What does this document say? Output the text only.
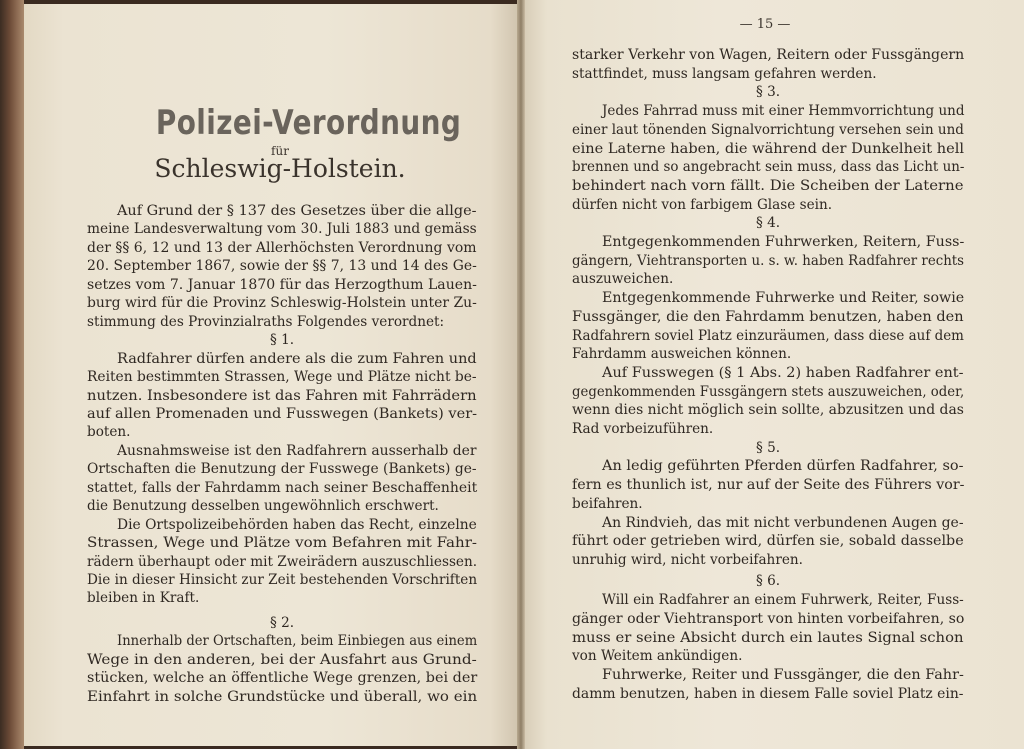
Polizei-Verordnung
für
Schleswig-Holstein.
Auf Grund der § 137 des Gesetzes über die allge-
meine Landesverwaltung vom 30. Juli 1883 und gemäss
der §§ 6, 12 und 13 der Allerhöchsten Verordnung vom
20. September 1867, sowie der §§ 7, 13 und 14 des Ge-
setzes vom 7. Januar 1870 für das Herzogthum Lauen-
burg wird für die Provinz Schleswig-Holstein unter Zu-
stimmung des Provinzialraths Folgendes verordnet:
§ 1.
Radfahrer dürfen andere als die zum Fahren und
Reiten bestimmten Strassen, Wege und Plätze nicht be-
nutzen. Insbesondere ist das Fahren mit Fahrrädern
auf allen Promenaden und Fusswegen (Bankets) ver-
boten.
Ausnahmsweise ist den Radfahrern ausserhalb der
Ortschaften die Benutzung der Fusswege (Bankets) ge-
stattet, falls der Fahrdamm nach seiner Beschaffenheit
die Benutzung desselben ungewöhnlich erschwert.
Die Ortspolizeibehörden haben das Recht, einzelne
Strassen, Wege und Plätze vom Befahren mit Fahr-
rädern überhaupt oder mit Zweirädern auszuschliessen.
Die in dieser Hinsicht zur Zeit bestehenden Vorschriften
bleiben in Kraft.
§ 2.
Innerhalb der Ortschaften, beim Einbiegen aus einem
Wege in den anderen, bei der Ausfahrt aus Grund-
stücken, welche an öffentliche Wege grenzen, bei der
Einfahrt in solche Grundstücke und überall, wo ein
— 15 —
starker Verkehr von Wagen, Reitern oder Fussgängern
stattfindet, muss langsam gefahren werden.
§ 3.
Jedes Fahrrad muss mit einer Hemmvorrichtung und
einer laut tönenden Signalvorrichtung versehen sein und
eine Laterne haben, die während der Dunkelheit hell
brennen und so angebracht sein muss, dass das Licht un-
behindert nach vorn fällt. Die Scheiben der Laterne
dürfen nicht von farbigem Glase sein.
§ 4.
Entgegenkommenden Fuhrwerken, Reitern, Fuss-
gängern, Viehtransporten u. s. w. haben Radfahrer rechts
auszuweichen.
Entgegenkommende Fuhrwerke und Reiter, sowie
Fussgänger, die den Fahrdamm benutzen, haben den
Radfahrern soviel Platz einzuräumen, dass diese auf dem
Fahrdamm ausweichen können.
Auf Fusswegen (§ 1 Abs. 2) haben Radfahrer ent-
gegenkommenden Fussgängern stets auszuweichen, oder,
wenn dies nicht möglich sein sollte, abzusitzen und das
Rad vorbeizuführen.
§ 5.
An ledig geführten Pferden dürfen Radfahrer, so-
fern es thunlich ist, nur auf der Seite des Führers vor-
beifahren.
An Rindvieh, das mit nicht verbundenen Augen ge-
führt oder getrieben wird, dürfen sie, sobald dasselbe
unruhig wird, nicht vorbeifahren.
§ 6.
Will ein Radfahrer an einem Fuhrwerk, Reiter, Fuss-
gänger oder Viehtransport von hinten vorbeifahren, so
muss er seine Absicht durch ein lautes Signal schon
von Weitem ankündigen.
Fuhrwerke, Reiter und Fussgänger, die den Fahr-
damm benutzen, haben in diesem Falle soviel Platz ein-
